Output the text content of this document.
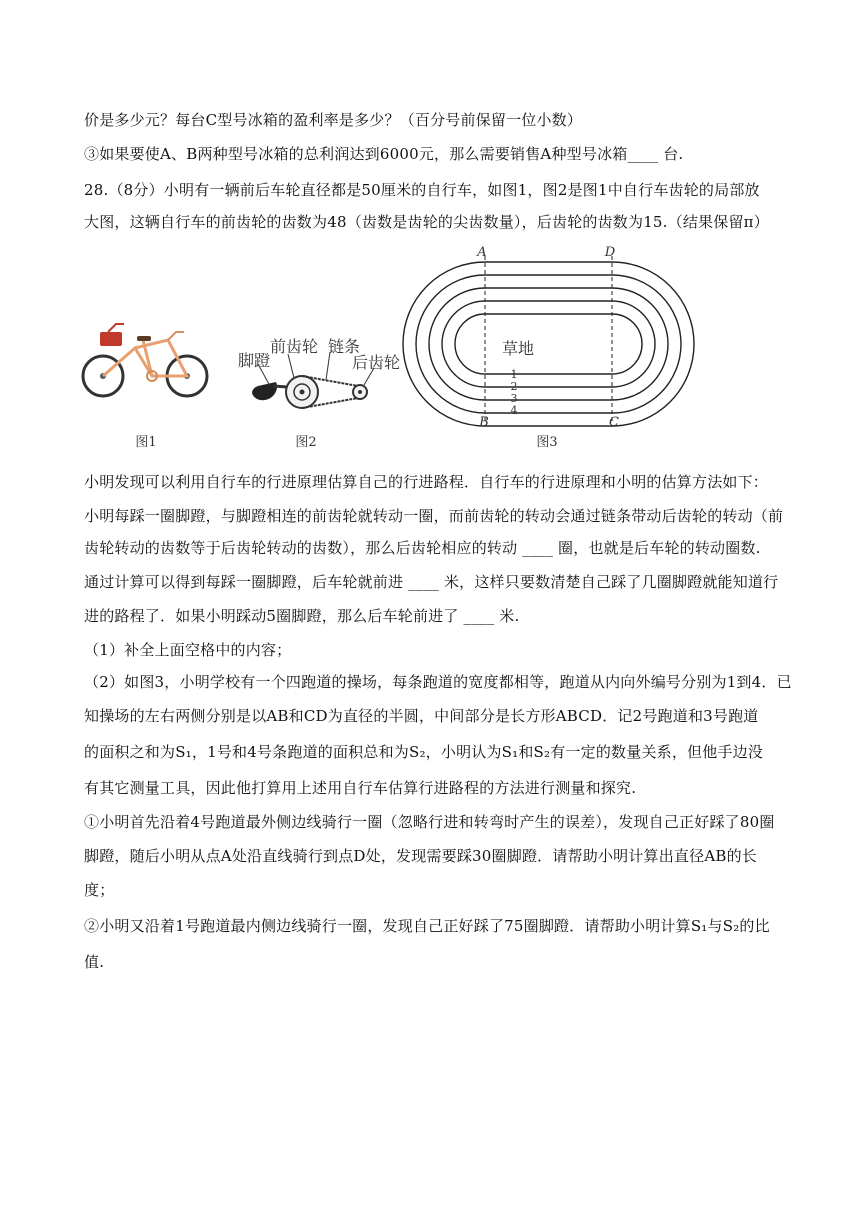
价是多少元？每台C型号冰箱的盈利率是多少？（百分号前保留一位小数）
③如果要使A、B两种型号冰箱的总利润达到6000元，那么需要销售A种型号冰箱____ 台.
28.（8分）小明有一辆前后车轮直径都是50厘米的自行车，如图1，图2是图1中自行车齿轮的局部放
大图，这辆自行车的前齿轮的齿数为48（齿数是齿轮的尖齿数量），后齿轮的齿数为15.（结果保留π）
图1
脚蹬
前齿轮 链条
后齿轮
图2
A	D
B	C
草地
1
2
3
4
图3
小明发现可以利用自行车的行进原理估算自己的行进路程．自行车的行进原理和小明的估算方法如下：
小明每踩一圈脚蹬，与脚蹬相连的前齿轮就转动一圈，而前齿轮的转动会通过链条带动后齿轮的转动（前
齿轮转动的齿数等于后齿轮转动的齿数），那么后齿轮相应的转动 ____ 圈，也就是后车轮的转动圈数.
通过计算可以得到每踩一圈脚蹬，后车轮就前进 ____ 米，这样只要数清楚自己踩了几圈脚蹬就能知道行
进的路程了．如果小明踩动5圈脚蹬，那么后车轮前进了 ____ 米.
（1）补全上面空格中的内容；
（2）如图3，小明学校有一个四跑道的操场，每条跑道的宽度都相等，跑道从内向外编号分别为1到4．已
知操场的左右两侧分别是以AB和CD为直径的半圆，中间部分是长方形ABCD．记2号跑道和3号跑道
的面积之和为S₁，1号和4号条跑道的面积总和为S₂，小明认为S₁和S₂有一定的数量关系，但他手边没
有其它测量工具，因此他打算用上述用自行车估算行进路程的方法进行测量和探究.
①小明首先沿着4号跑道最外侧边线骑行一圈（忽略行进和转弯时产生的误差），发现自己正好踩了80圈
脚蹬，随后小明从点A处沿直线骑行到点D处，发现需要踩30圈脚蹬．请帮助小明计算出直径AB的长
度；
②小明又沿着1号跑道最内侧边线骑行一圈，发现自己正好踩了75圈脚蹬．请帮助小明计算S₁与S₂的比
值.
